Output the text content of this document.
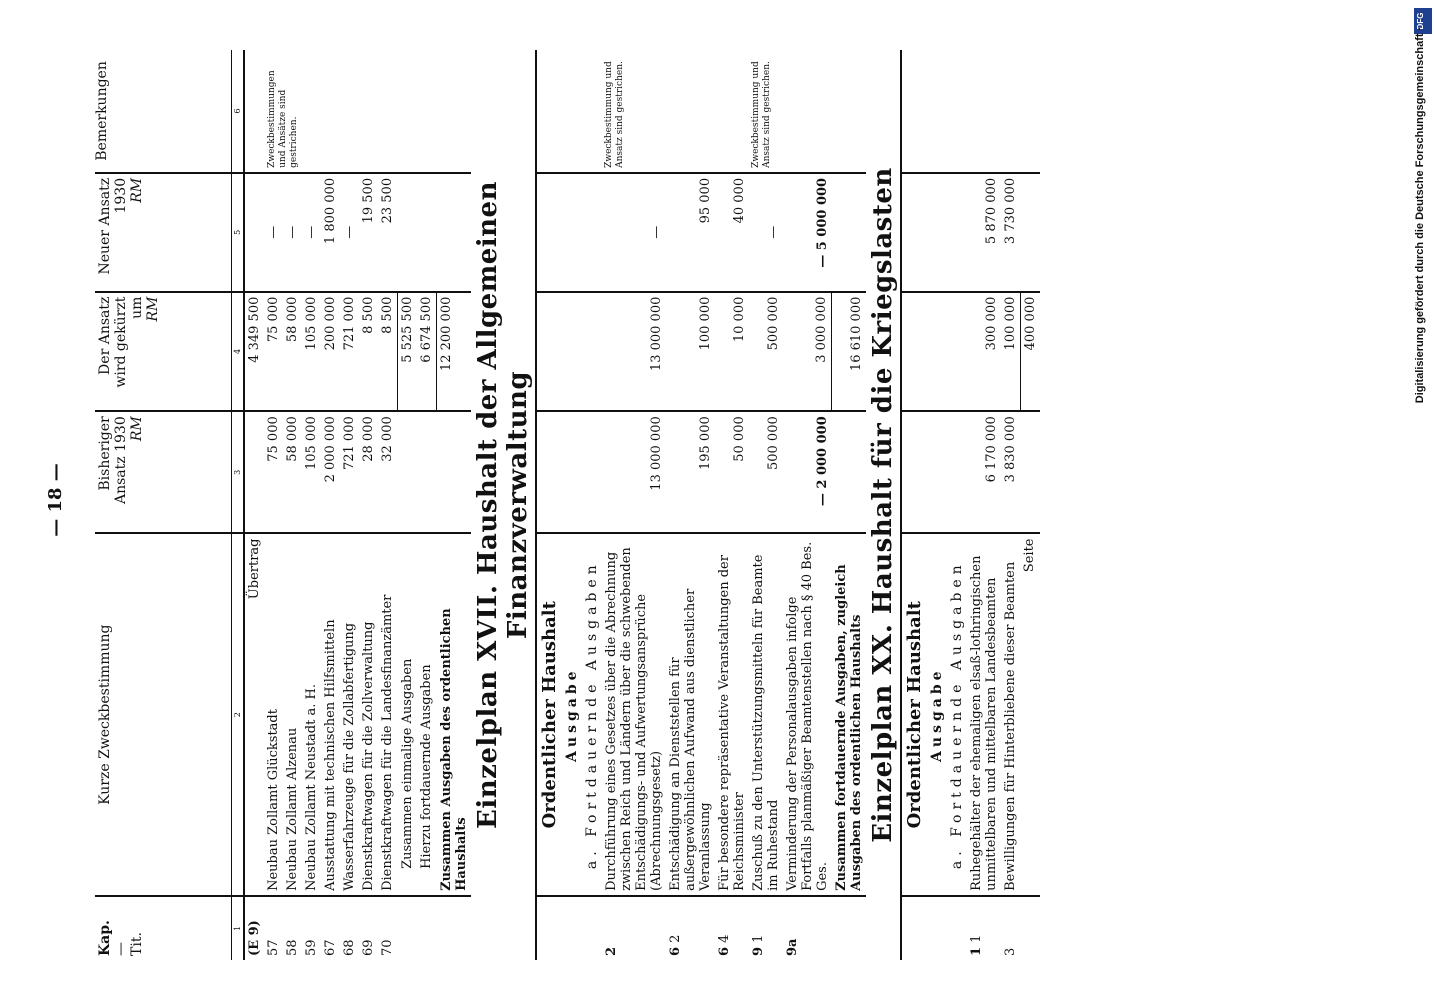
— 18 —
Kap.
—
Tit.	Kurze Zweckbestimmung	Bisheriger Ansatz 1930
RM	Der Ansatz wird gekürzt um
RM	Neuer Ansatz 1930
RM	Bemerkungen
1	2	3	4	5	6
(E 9)	Übertrag		4 349 500		Zweckbestimmungen und Ansätze sind gestrichen.
57	Neubau Zollamt Glückstadt	75 000	75 000	—	
58	Neubau Zollamt Alzenau	58 000	58 000	—	
59	Neubau Zollamt Neustadt a. H.	105 000	105 000	—	
67	Ausstattung mit technischen Hilfsmitteln	2 000 000	200 000	1 800 000	
68	Wasserfahrzeuge für die Zollabfertigung	721 000	721 000	—	
69	Dienstkraftwagen für die Zollverwaltung	28 000	8 500	19 500	
70	Dienstkraftwagen für die Landesfinanzämter	32 000	8 500	23 500	
	Zusammen einmalige Ausgaben		5 525 500		
	Hierzu fortdauernde Ausgaben		6 674 500		
	Zusammen Ausgaben des ordentlichen Haushalts		12 200 000		
Einzelplan XVII. Haushalt der Allgemeinen Finanzverwaltung					
	Ordentlicher Haushalt				
	Ausgabe				
	a. Fortdauernde Ausgaben				
2	Durchführung eines Gesetzes über die Abrechnung zwischen Reich und Ländern über die schwebenden Entschädigungs- und Aufwertungsansprüche (Abrechnungsgesetz)	13 000 000	13 000 000	—	Zweckbestimmung und Ansatz sind gestrichen.
6 2	Entschädigung an Dienststellen für außergewöhnlichen Aufwand aus dienstlicher Veranlassung	195 000	100 000	95 000	
6 4	Für besondere repräsentative Veranstaltungen der Reichsminister	50 000	10 000	40 000	
9 1	Zuschuß zu den Unterstützungsmitteln für Beamte im Ruhestand	500 000	500 000	—	Zweckbestimmung und Ansatz sind gestrichen.
9a	Verminderung der Personalausgaben infolge Fortfalls planmäßiger Beamtenstellen nach § 40 Bes. Ges.	— 2 000 000	3 000 000	— 5 000 000	
	Zusammen fortdauernde Ausgaben, zugleich Ausgaben des ordentlichen Haushalts		16 610 000		
Einzelplan XX. Haushalt für die Kriegslasten					
	Ordentlicher Haushalt				
	Ausgabe				
	a. Fortdauernde Ausgaben				
1 1	Ruhegehälter der ehemaligen elsaß-lothringischen unmittelbaren und mittelbaren Landesbeamten	6 170 000	300 000	5 870 000	
3	Bewilligungen für Hinterbliebene dieser Beamten	3 830 000	100 000	3 730 000	
	Seite		400 000		
DFG
Digitalisierung gefördert durch die Deutsche Forschungsgemeinschaft ·
